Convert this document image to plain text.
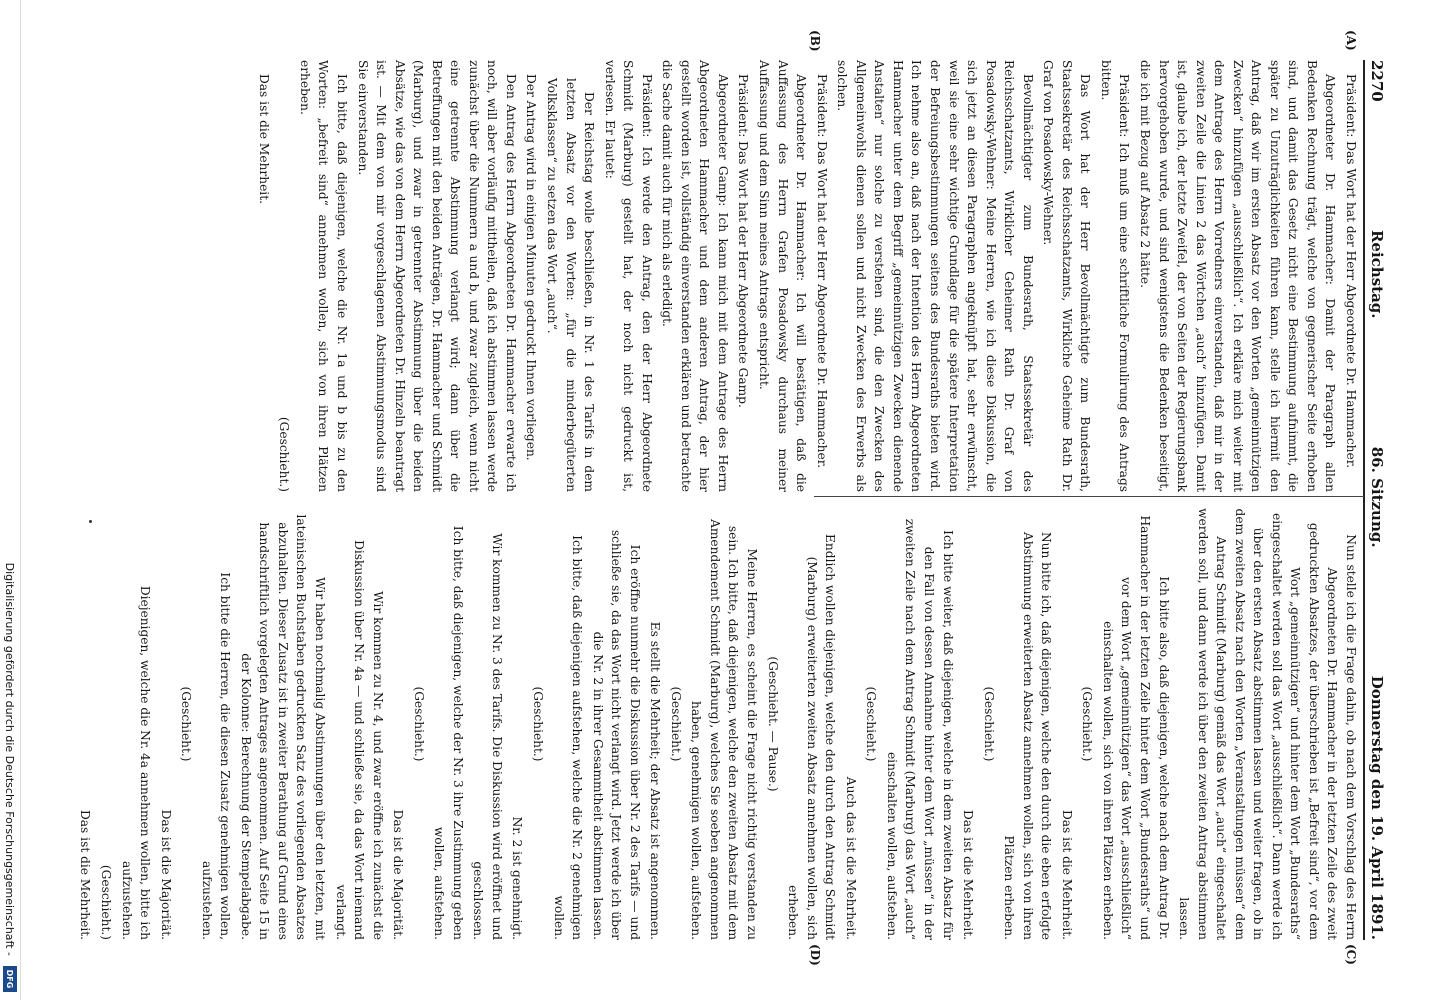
2270
Reichstag.
86. Sitzung.
Donnerstag den 19. April 1891.
(A)
(B)
(C)
(D)

Präsident: Das Wort hat der Herr Abgeordnete Dr. Hammacher.

Abgeordneter Dr. Hammacher: Damit der Paragraph allen Bedenken Rechnung trägt, welche von gegnerischer Seite erhoben sind, und damit das Gesetz nicht eine Bestimmung aufnimmt, die später zu Unzuträglichkeiten führen kann, stelle ich hiermit den Antrag, daß wir im ersten Absatz vor den Worten „gemeinnützigen Zwecken“ hinzufügen „ausschließlich“. Ich erkläre mich weiter mit dem Antrage des Herrn Vorredners einverstanden, daß mir in der zweiten Zeile die Linien 2 das Wörtchen „auch“ hinzufügen. Damit ist, glaube ich, der letzte Zweifel, der von Seiten der Regierungsbank hervorgehoben wurde, und sind wenigstens die Bedenken beseitigt, die ich mit Bezug auf Absatz 2 hätte.

Präsident: Ich muß um eine schriftliche Formulirung des Antrags bitten.

Das Wort hat der Herr Bevollmächtigte zum Bundesrath, Staatssekretär des Reichsschatzamts, Wirkliche Geheime Rath Dr. Graf von Posadowsky-Wehner.

Bevollmächtigter zum Bundesrath, Staatssekretär des Reichsschatzamts, Wirklicher Geheimer Rath Dr. Graf von Posadowsky-Wehner: Meine Herren, wie ich diese Diskussion, die sich jetzt an diesen Paragraphen angeknüpft hat, sehr erwünscht, weil sie eine sehr wichtige Grundlage für die spätere Interpretation der Befreiungsbestimmungen seitens des Bundesraths bieten wird. Ich nehme also an, daß nach der Intention des Herrn Abgeordneten Hammacher unter dem Begriff „gemeinnützigen Zwecken dienende Anstalten“ nur solche zu verstehen sind, die den Zwecken des Allgemeinwohls dienen sollen und nicht Zwecken des Erwerbs als solchen.

Präsident: Das Wort hat der Herr Abgeordnete Dr. Hammacher.

Abgeordneter Dr. Hammacher: Ich will bestätigen, daß die Auffassung des Herrn Grafen Posadowsky durchaus meiner Auffassung und dem Sinn meines Antrags entspricht.

Präsident: Das Wort hat der Herr Abgeordnete Gamp.

Abgeordneter Gamp: Ich kann mich mit dem Antrage des Herrn Abgeordneten Hammacher und dem anderen Antrag, der hier gestellt worden ist, vollständig einverstanden erklären und betrachte die Sache damit auch für mich als erledigt.

Präsident: Ich werde den Antrag, den der Herr Abgeordnete Schmidt (Marburg) gestellt hat, der noch nicht gedruckt ist, verlesen. Er lautet:

Der Reichstag wolle beschließen, in Nr. 1 des Tarifs in dem letzten Absatz vor den Worten: „für die minderbegüterten Volksklassen“ zu setzen das Wort „auch“.

Der Antrag wird in einigen Minuten gedruckt Ihnen vorliegen.

Den Antrag des Herrn Abgeordneten Dr. Hammacher erwarte ich noch, will aber vorläufig mittheilen, daß ich abstimmen lassen werde zunächst über die Nummern a und b, und zwar zugleich, wenn nicht eine getrennte Abstimmung verlangt wird; dann über die Betreffungen mit den beiden Anträgen, Dr. Hammacher und Schmidt (Marburg), und zwar in getrennter Abstimmung über die beiden Absätze, wie das von dem Herrn Abgeordneten Dr. Hinzeln beantragt ist. — Mit dem von mir vorgeschlagenen Abstimmungsmodus sind Sie einverstanden.

Ich bitte, daß diejenigen, welche die Nr. 1a und b bis zu den Worten: „befreit sind“ annehmen wollen, sich von ihren Plätzen erheben.

(Geschieht.)

Das ist die Mehrheit.

Nun stelle ich die Frage dahin, ob nach dem Vorschlag des Herrn Abgeordneten Dr. Hammacher in der letzten Zeile des zweit gedruckten Absatzes, der überschrieben ist „Befreit sind“, vor dem Wort „gemeinnützigen“ und hinter dem Wort „Bundesraths“ eingeschaltet werden soll das Wort „ausschließlich“. Dann werde ich über den ersten Absatz abstimmen lassen und weiter fragen, ob in dem zweiten Absatz nach den Worten „Veranstaltungen müssen“ dem Antrag Schmidt (Marburg) gemäß das Wort „auch“ eingeschaltet werden soll, und dann werde ich über den zweiten Antrag abstimmen lassen.

Ich bitte also, daß diejenigen, welche nach dem Antrag Dr. Hammacher in der letzten Zeile hinter dem Wort „Bundesraths“ und vor dem Wort „gemeinnützigen“ das Wort „ausschließlich“ einschalten wollen, sich von ihren Plätzen erheben.

(Geschieht.)

Das ist die Mehrheit.

Nun bitte ich, daß diejenigen, welche den durch die eben erfolgte Abstimmung erweiterten Absatz annehmen wollen, sich von ihren Plätzen erheben.

(Geschieht.)

Das ist die Mehrheit.

Ich bitte weiter, daß diejenigen, welche in dem zweiten Absatz für den Fall von dessen Annahme hinter dem Wort „müssen“ in der zweiten Zeile nach dem Antrag Schmidt (Marburg) das Wort „auch“ einschalten wollen, aufstehen.

(Geschieht.)

Auch das ist die Mehrheit.

Endlich wollen diejenigen, welche den durch den Antrag Schmidt (Marburg) erweiterten zweiten Absatz annehmen wollen, sich erheben.

(Geschieht. — Pause.)

Meine Herren, es scheint die Frage nicht richtig verstanden zu sein. Ich bitte, daß diejenigen, welche den zweiten Absatz mit dem Amendement Schmidt (Marburg), welches Sie soeben angenommen haben, genehmigen wollen, aufstehen.

(Geschieht.)

Es stellt die Mehrheit; der Absatz ist angenommen.

Ich eröffne nunmehr die Diskussion über Nr. 2 des Tarifs — und schließe sie, da das Wort nicht verlangt wird. Jetzt werde ich über die Nr. 2 in ihrer Gesammtheit abstimmen lassen.

Ich bitte, daß diejenigen aufstehen, welche die Nr. 2 genehmigen wollen.

(Geschieht.)

Nr. 2 ist genehmigt.

Wir kommen zu Nr. 3 des Tarifs. Die Diskussion wird eröffnet und geschlossen.

Ich bitte, daß diejenigen, welche der Nr. 3 ihre Zustimmung geben wollen, aufstehen.

(Geschieht.)

Das ist die Majorität.

Wir kommen zu Nr. 4, und zwar eröffne ich zunächst die Diskussion über Nr. 4a — und schließe sie, da das Wort niemand verlangt.

Wir haben nochmalig Abstimmungen über den letzten, mit lateinischen Buchstaben gedruckten Satz des vorliegenden Absatzes abzuhalten. Dieser Zusatz ist in zweiter Berathung auf Grund eines handschriftlich vorgelegten Antrages angenommen. Auf Seite 15 in der Kolonne: Berechnung der Stempelabgabe.

Ich bitte die Herren, die diesen Zusatz genehmigen wollen, aufzustehen.

(Geschieht.)

Das ist die Majorität.

Diejenigen, welche die Nr. 4a annehmen wollen, bitte ich aufzustehen.

(Geschieht.)

Das ist die Mehrheit.

Digitalisierung gefördert durch die Deutsche Forschungsgemeinschaft -
DFG
